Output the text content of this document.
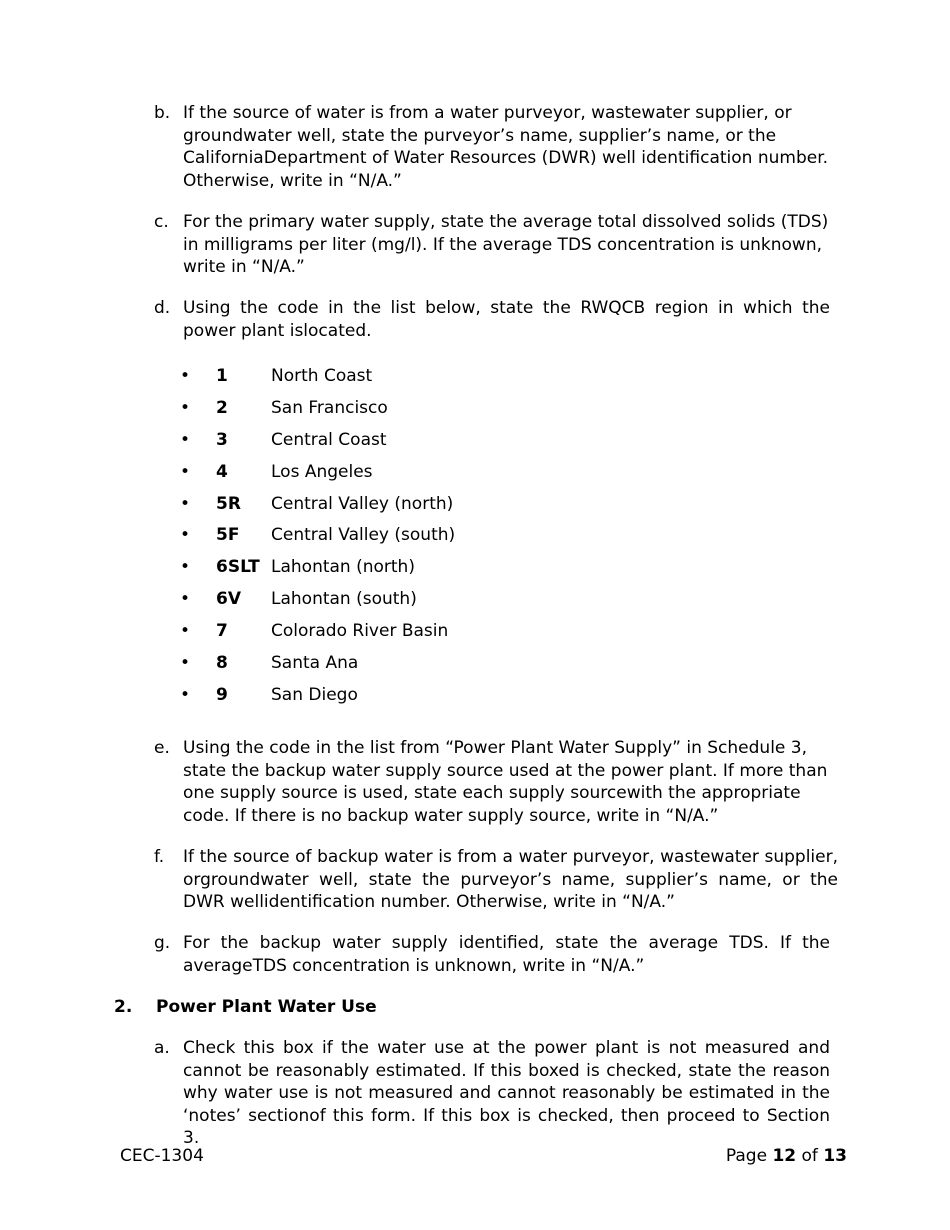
b. If the source of water is from a water purveyor, wastewater supplier, or groundwater well, state the purveyor’s name, supplier’s name, or the CaliforniaDepartment of Water Resources (DWR) well identification number. Otherwise, write in “N/A.”
c. For the primary water supply, state the average total dissolved solids (TDS) in milligrams per liter (mg/l). If the average TDS concentration is unknown, write in “N/A.”
d. Using the code in the list below, state the RWQCB region in which the power plant islocated.
• 1	North Coast
• 2	San Francisco
• 3	Central Coast
• 4	Los Angeles
• 5R Central Valley (north)
• 5F Central Valley (south)
• 6SLT Lahontan (north)
• 6V Lahontan (south)
• 7	Colorado River Basin
• 8	Santa Ana
• 9	San Diego
e. Using the code in the list from “Power Plant Water Supply” in Schedule 3, state the backup water supply source used at the power plant. If more than one supply source is used, state each supply sourcewith the appropriate code. If there is no backup water supply source, write in “N/A.”
f. If the source of backup water is from a water purveyor, wastewater supplier, orgroundwater well, state the purveyor’s name, supplier’s name, or the DWR wellidentification number. Otherwise, write in “N/A.”
g. For the backup water supply identified, state the average TDS. If the averageTDS concentration is unknown, write in “N/A.”
2. Power Plant Water Use
a. Check this box if the water use at the power plant is not measured and cannot be reasonably estimated. If this boxed is checked, state the reason why water use is not measured and cannot reasonably be estimated in the ‘notes’ sectionof this form. If this box is checked, then proceed to Section 3.
CEC-1304	Page 12 of 13
